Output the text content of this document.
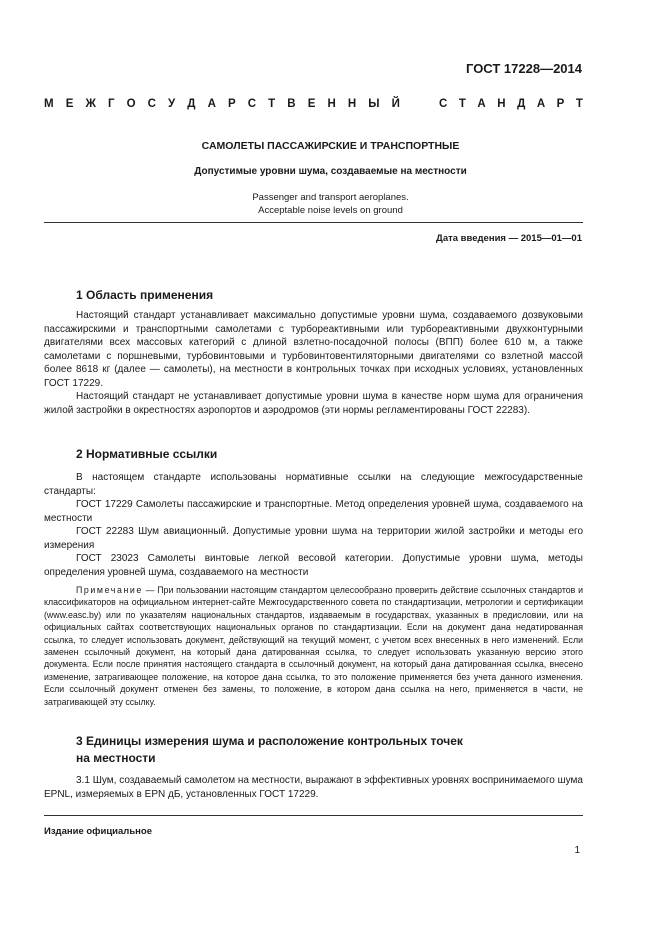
ГОСТ 17228—2014
М Е Ж Г О С У Д А Р С Т В Е Н Н Ы Й	С Т А Н Д А Р Т
САМОЛЕТЫ ПАССАЖИРСКИЕ И ТРАНСПОРТНЫЕ
Допустимые уровни шума, создаваемые на местности
Passenger and transport aeroplanes.
Acceptable noise levels on ground
Дата введения — 2015—01—01
1 Область применения
Настоящий стандарт устанавливает максимально допустимые уровни шума, создаваемого дозвуковыми пассажирскими и транспортными самолетами с турбореактивными или турбореактивными двухконтурными двигателями всех массовых категорий с длиной взлетно-посадочной полосы (ВПП) более 610 м, а также самолетами с поршневыми, турбовинтовыми и турбовинтовентиляторными двигателями со взлетной массой более 8618 кг (далее — самолеты), на местности в контрольных точках при исходных условиях, установленных ГОСТ 17229.
Настоящий стандарт не устанавливает допустимые уровни шума в качестве норм шума для ограничения жилой застройки в окрестностях аэропортов и аэродромов (эти нормы регламентированы ГОСТ 22283).
2 Нормативные ссылки
В настоящем стандарте использованы нормативные ссылки на следующие межгосударственные стандарты:
ГОСТ 17229 Самолеты пассажирские и транспортные. Метод определения уровней шума, создаваемого на местности
ГОСТ 22283 Шум авиационный. Допустимые уровни шума на территории жилой застройки и методы его измерения
ГОСТ 23023 Самолеты винтовые легкой весовой категории. Допустимые уровни шума, методы определения уровней шума, создаваемого на местности
Примечание — При пользовании настоящим стандартом целесообразно проверить действие ссылочных стандартов и классификаторов на официальном интернет-сайте Межгосударственного совета по стандартизации, метрологии и сертификации (www.easc.by) или по указателям национальных стандартов, издаваемым в государствах, указанных в предисловии, или на официальных сайтах соответствующих национальных органов по стандартизации. Если на документ дана недатированная ссылка, то следует использовать документ, действующий на текущий момент, с учетом всех внесенных в него изменений. Если заменен ссылочный документ, на который дана датированная ссылка, то следует использовать указанную версию этого документа. Если после принятия настоящего стандарта в ссылочный документ, на который дана датированная ссылка, внесено изменение, затрагивающее положение, на которое дана ссылка, то это положение применяется без учета данного изменения. Если ссылочный документ отменен без замены, то положение, в котором дана ссылка на него, применяется в части, не затрагивающей эту ссылку.
3 Единицы измерения шума и расположение контрольных точек
на местности
3.1 Шум, создаваемый самолетом на местности, выражают в эффективных уровнях воспринимаемого шума EPNL, измеряемых в EPN дБ, установленных ГОСТ 17229.
Издание официальное
1
